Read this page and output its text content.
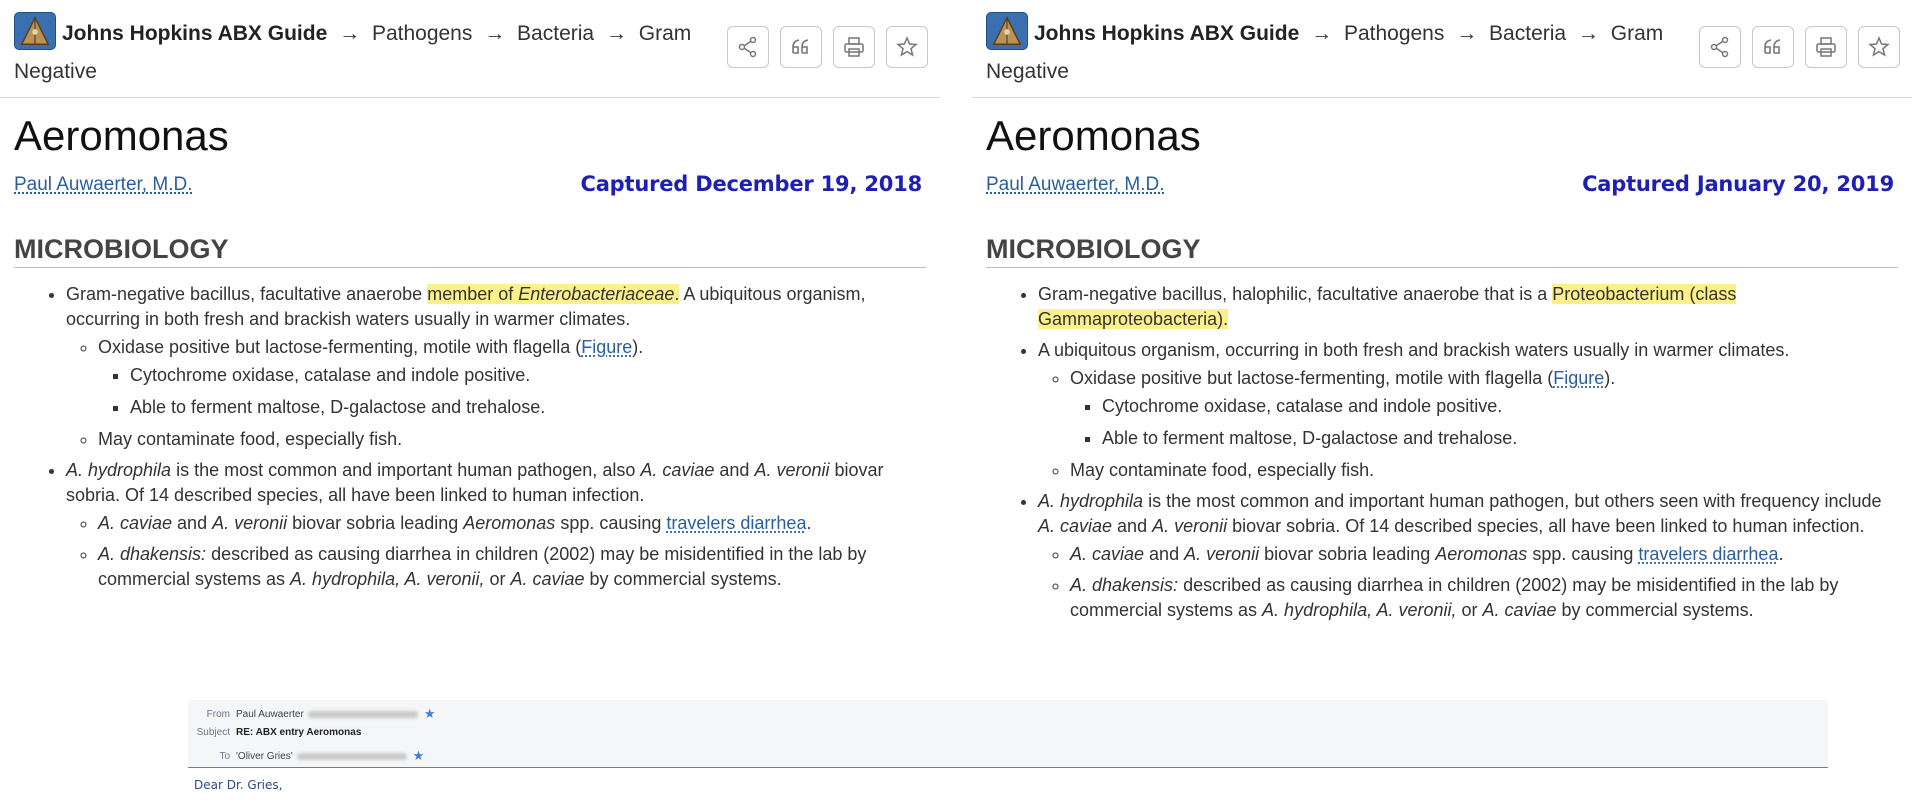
Johns Hopkins ABX Guide → Pathogens → Bacteria → Gram
Negative
Aeromonas
Paul Auwaerter, M.D.	Captured December 19, 2018
MICROBIOLOGY
• Gram-negative bacillus, facultative anaerobe member of Enterobacteriaceae. A ubiquitous organism, occurring in both fresh and brackish waters usually in warmer climates.
◦ Oxidase positive but lactose-fermenting, motile with flagella (Figure).
▪ Cytochrome oxidase, catalase and indole positive.
▪ Able to ferment maltose, D-galactose and trehalose.
◦ May contaminate food, especially fish.
• A. hydrophila is the most common and important human pathogen, also A. caviae and A. veronii biovar sobria. Of 14 described species, all have been linked to human infection.
◦ A. caviae and A. veronii biovar sobria leading Aeromonas spp. causing travelers diarrhea.
◦ A. dhakensis: described as causing diarrhea in children (2002) may be misidentified in the lab by commercial systems as A. hydrophila, A. veronii, or A. caviae by commercial systems.
Johns Hopkins ABX Guide → Pathogens → Bacteria → Gram
Negative
Aeromonas
Paul Auwaerter, M.D.	Captured January 20, 2019
MICROBIOLOGY
• Gram-negative bacillus, halophilic, facultative anaerobe that is a Proteobacterium (class Gammaproteobacteria).
• A ubiquitous organism, occurring in both fresh and brackish waters usually in warmer climates.
◦ Oxidase positive but lactose-fermenting, motile with flagella (Figure).
▪ Cytochrome oxidase, catalase and indole positive.
▪ Able to ferment maltose, D-galactose and trehalose.
◦ May contaminate food, especially fish.
• A. hydrophila is the most common and important human pathogen, but others seen with frequency include A. caviae and A. veronii biovar sobria. Of 14 described species, all have been linked to human infection.
◦ A. caviae and A. veronii biovar sobria leading Aeromonas spp. causing travelers diarrhea.
◦ A. dhakensis: described as causing diarrhea in children (2002) may be misidentified in the lab by commercial systems as A. hydrophila, A. veronii, or A. caviae by commercial systems.
From Paul Auwaerter	★
Subject RE: ABX entry Aeromonas
To 'Oliver Gries'	★
Dear Dr. Gries,
